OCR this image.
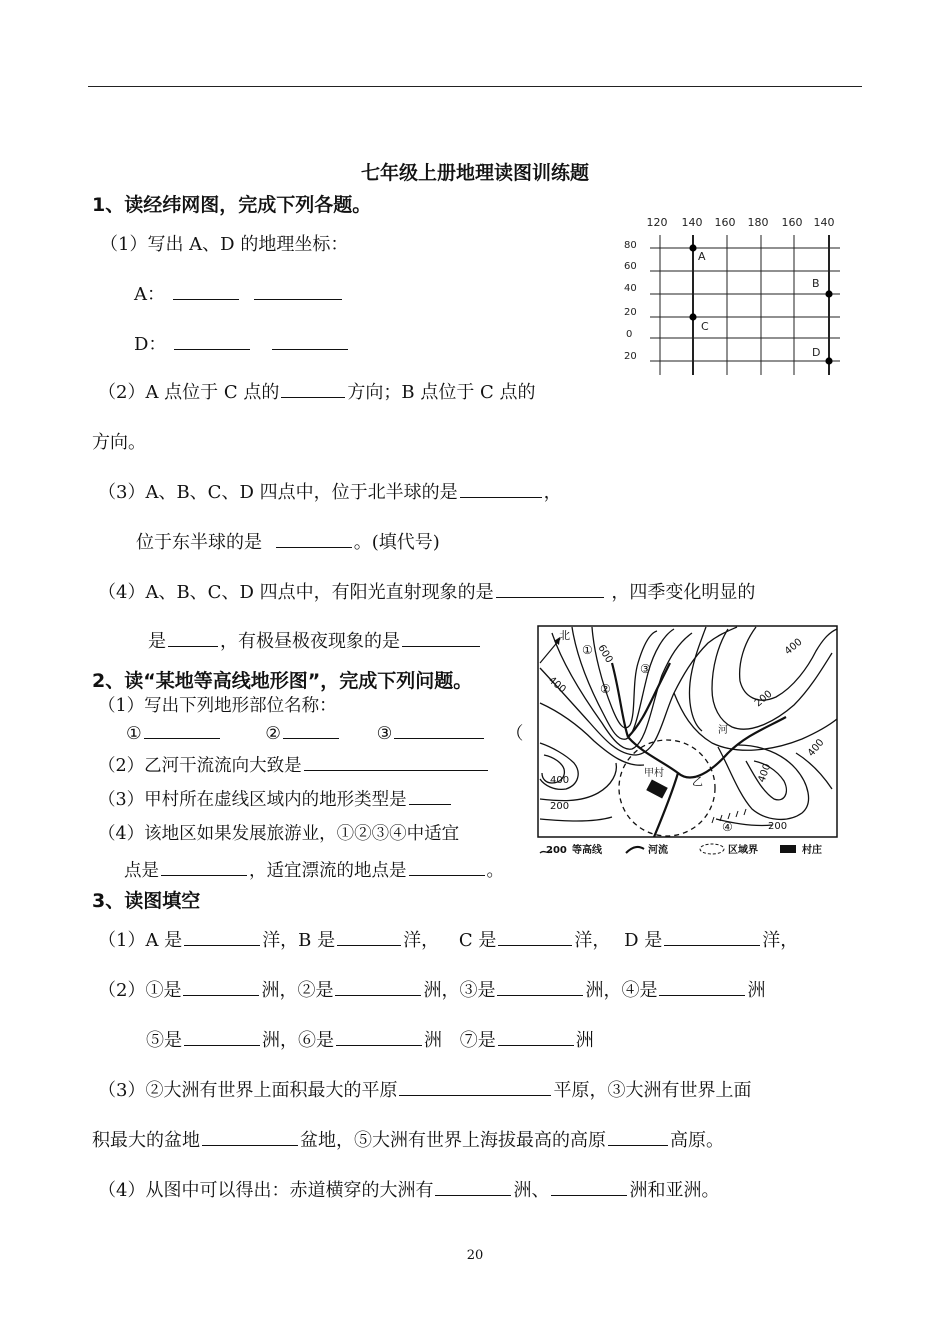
七年级上册地理读图训练题
1、读经纬网图，完成下列各题。
（1）写出 A、D 的地理坐标：
A：
D：
（2）A 点位于 C 点的	方向；B 点位于 C 点的
方向。
（3）A、B、C、D 四点中，位于北半球的是	，
位于东半球的是	。(填代号)
（4）A、B、C、D 四点中，有阳光直射现象的是	，四季变化明显的
是	，有极昼极夜现象的是
120 140 160 180 160 140
80
60
40
20
0
20
A
B
C
D
2、读“某地等高线地形图”，完成下列问题。
（1）写出下列地形部位名称：
①	②	③	（
（2）乙河干流流向大致是
（3）甲村所在虚线区域内的地形类型是
（4）该地区如果发展旅游业，①②③④中适宜
点是	，适宜漂流的地点是	。
北
甲村
河
乙
600
400
400
200
400
400
400
200
200
①
②
③
④
200 等高线	河流	区域界	村庄
3、读图填空
（1）A 是	洋，B 是	洋， C 是	洋， D 是	洋，
（2）①是	洲，②是	洲，③是	洲，④是	洲
⑤是	洲，⑥是	洲 ⑦是	洲
（3）②大洲有世界上面积最大的平原	平原，③大洲有世界上面
积最大的盆地	盆地，⑤大洲有世界上海拔最高的高原	高原。
（4）从图中可以得出：赤道横穿的大洲有	洲、	洲和亚洲。
20
